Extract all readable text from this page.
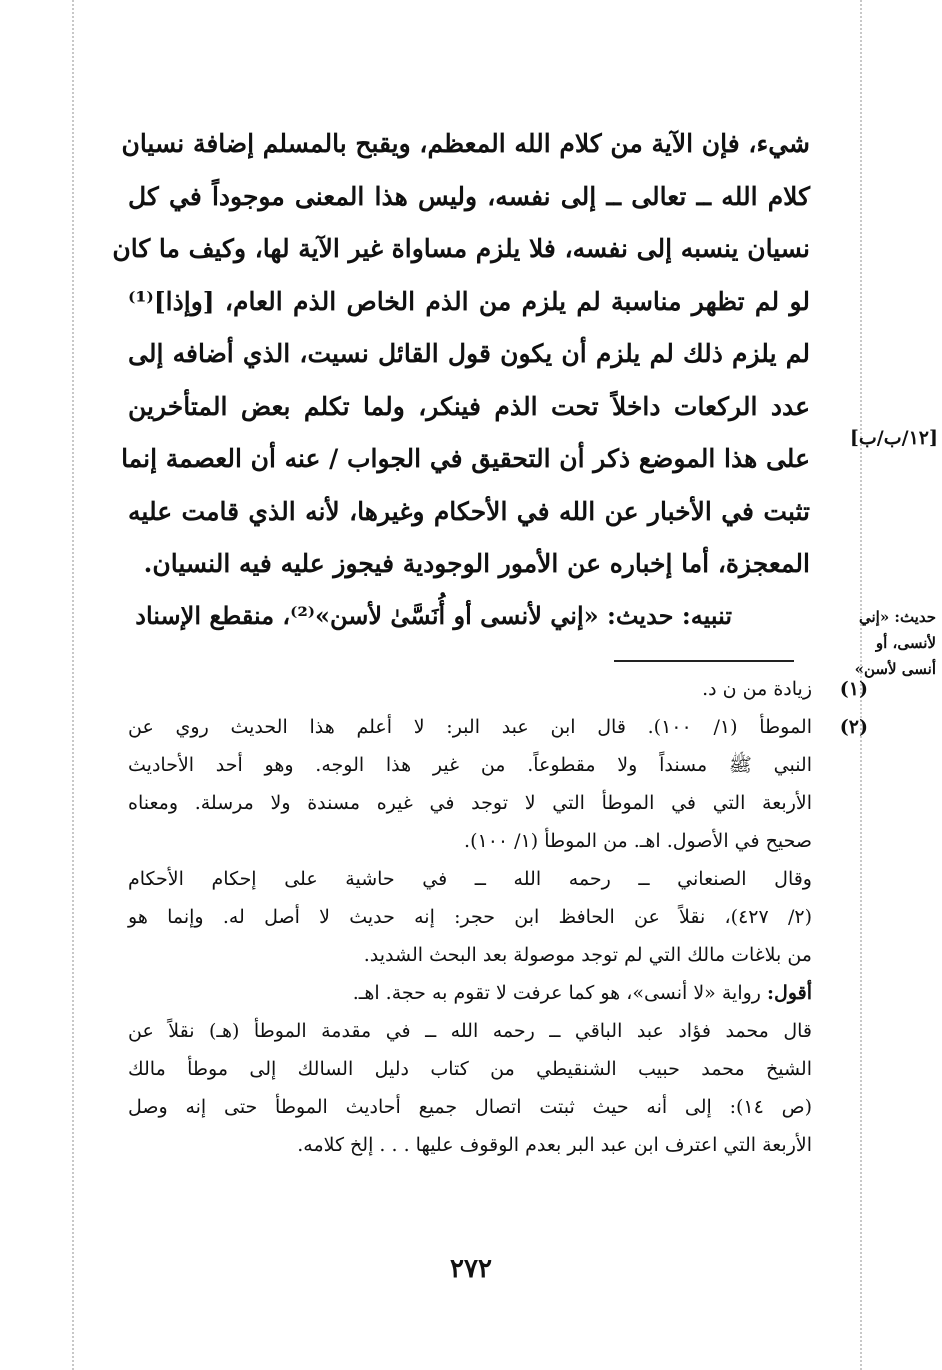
شيء، فإن الآية من كلام الله المعظم، ويقبح بالمسلم إضافة نسيان
كلام الله ــ تعالى ــ إلى نفسه، وليس هذا المعنى موجوداً في كل
نسيان ينسبه إلى نفسه، فلا يلزم مساواة غير الآية لها، وكيف ما كان
لو لم تظهر مناسبة لم يلزم من الذم الخاص الذم العام، [وإذا]⁽¹⁾
لم يلزم ذلك لم يلزم أن يكون قول القائل نسيت، الذي أضافه إلى
عدد الركعات داخلاً تحت الذم فينكر، ولما تكلم بعض المتأخرين
على هذا الموضع ذكر أن التحقيق في الجواب / عنه أن العصمة إنما
تثبت في الأخبار عن الله في الأحكام وغيرها، لأنه الذي قامت عليه
المعجزة، أما إخباره عن الأمور الوجودية فيجوز عليه فيه النسيان.
[١٢/ب/ب]
تنبيه: حديث: «إني لأنسى أو أُنَسَّىٰ لأسن»⁽²⁾، منقطع الإسناد	حديث: «إني
لأنسى، أو
أنسى لأسن»
(١)
زيادة من ن د.
(٢)
الموطأ (١/ ١٠٠). قال ابن عبد البر: لا أعلم هذا الحديث روي عن
النبي ﷺ مسنداً ولا مقطوعاً. من غير هذا الوجه. وهو أحد الأحاديث
الأربعة التي في الموطأ التي لا توجد في غيره مسندة ولا مرسلة. ومعناه
صحيح في الأصول. اهـ. من الموطأ (١/ ١٠٠).
وقال الصنعاني ــ رحمه الله ــ في حاشية على إحكام الأحكام
(٢/ ٤٢٧)، نقلاً عن الحافظ ابن حجر: إنه حديث لا أصل له. وإنما هو
من بلاغات مالك التي لم توجد موصولة بعد البحث الشديد.
أقول: رواية «لا أنسى»، هو كما عرفت لا تقوم به حجة. اهـ.
قال محمد فؤاد عبد الباقي ــ رحمه الله ــ في مقدمة الموطأ (هـ) نقلاً عن
الشيخ محمد حبيب الشنقيطي من كتاب دليل السالك إلى موطأ مالك
(ص ١٤): إلى أنه حيث ثبتت اتصال جميع أحاديث الموطأ حتى إنه وصل
الأربعة التي اعترف ابن عبد البر بعدم الوقوف عليها . . . إلخ كلامه.
٢٧٢
